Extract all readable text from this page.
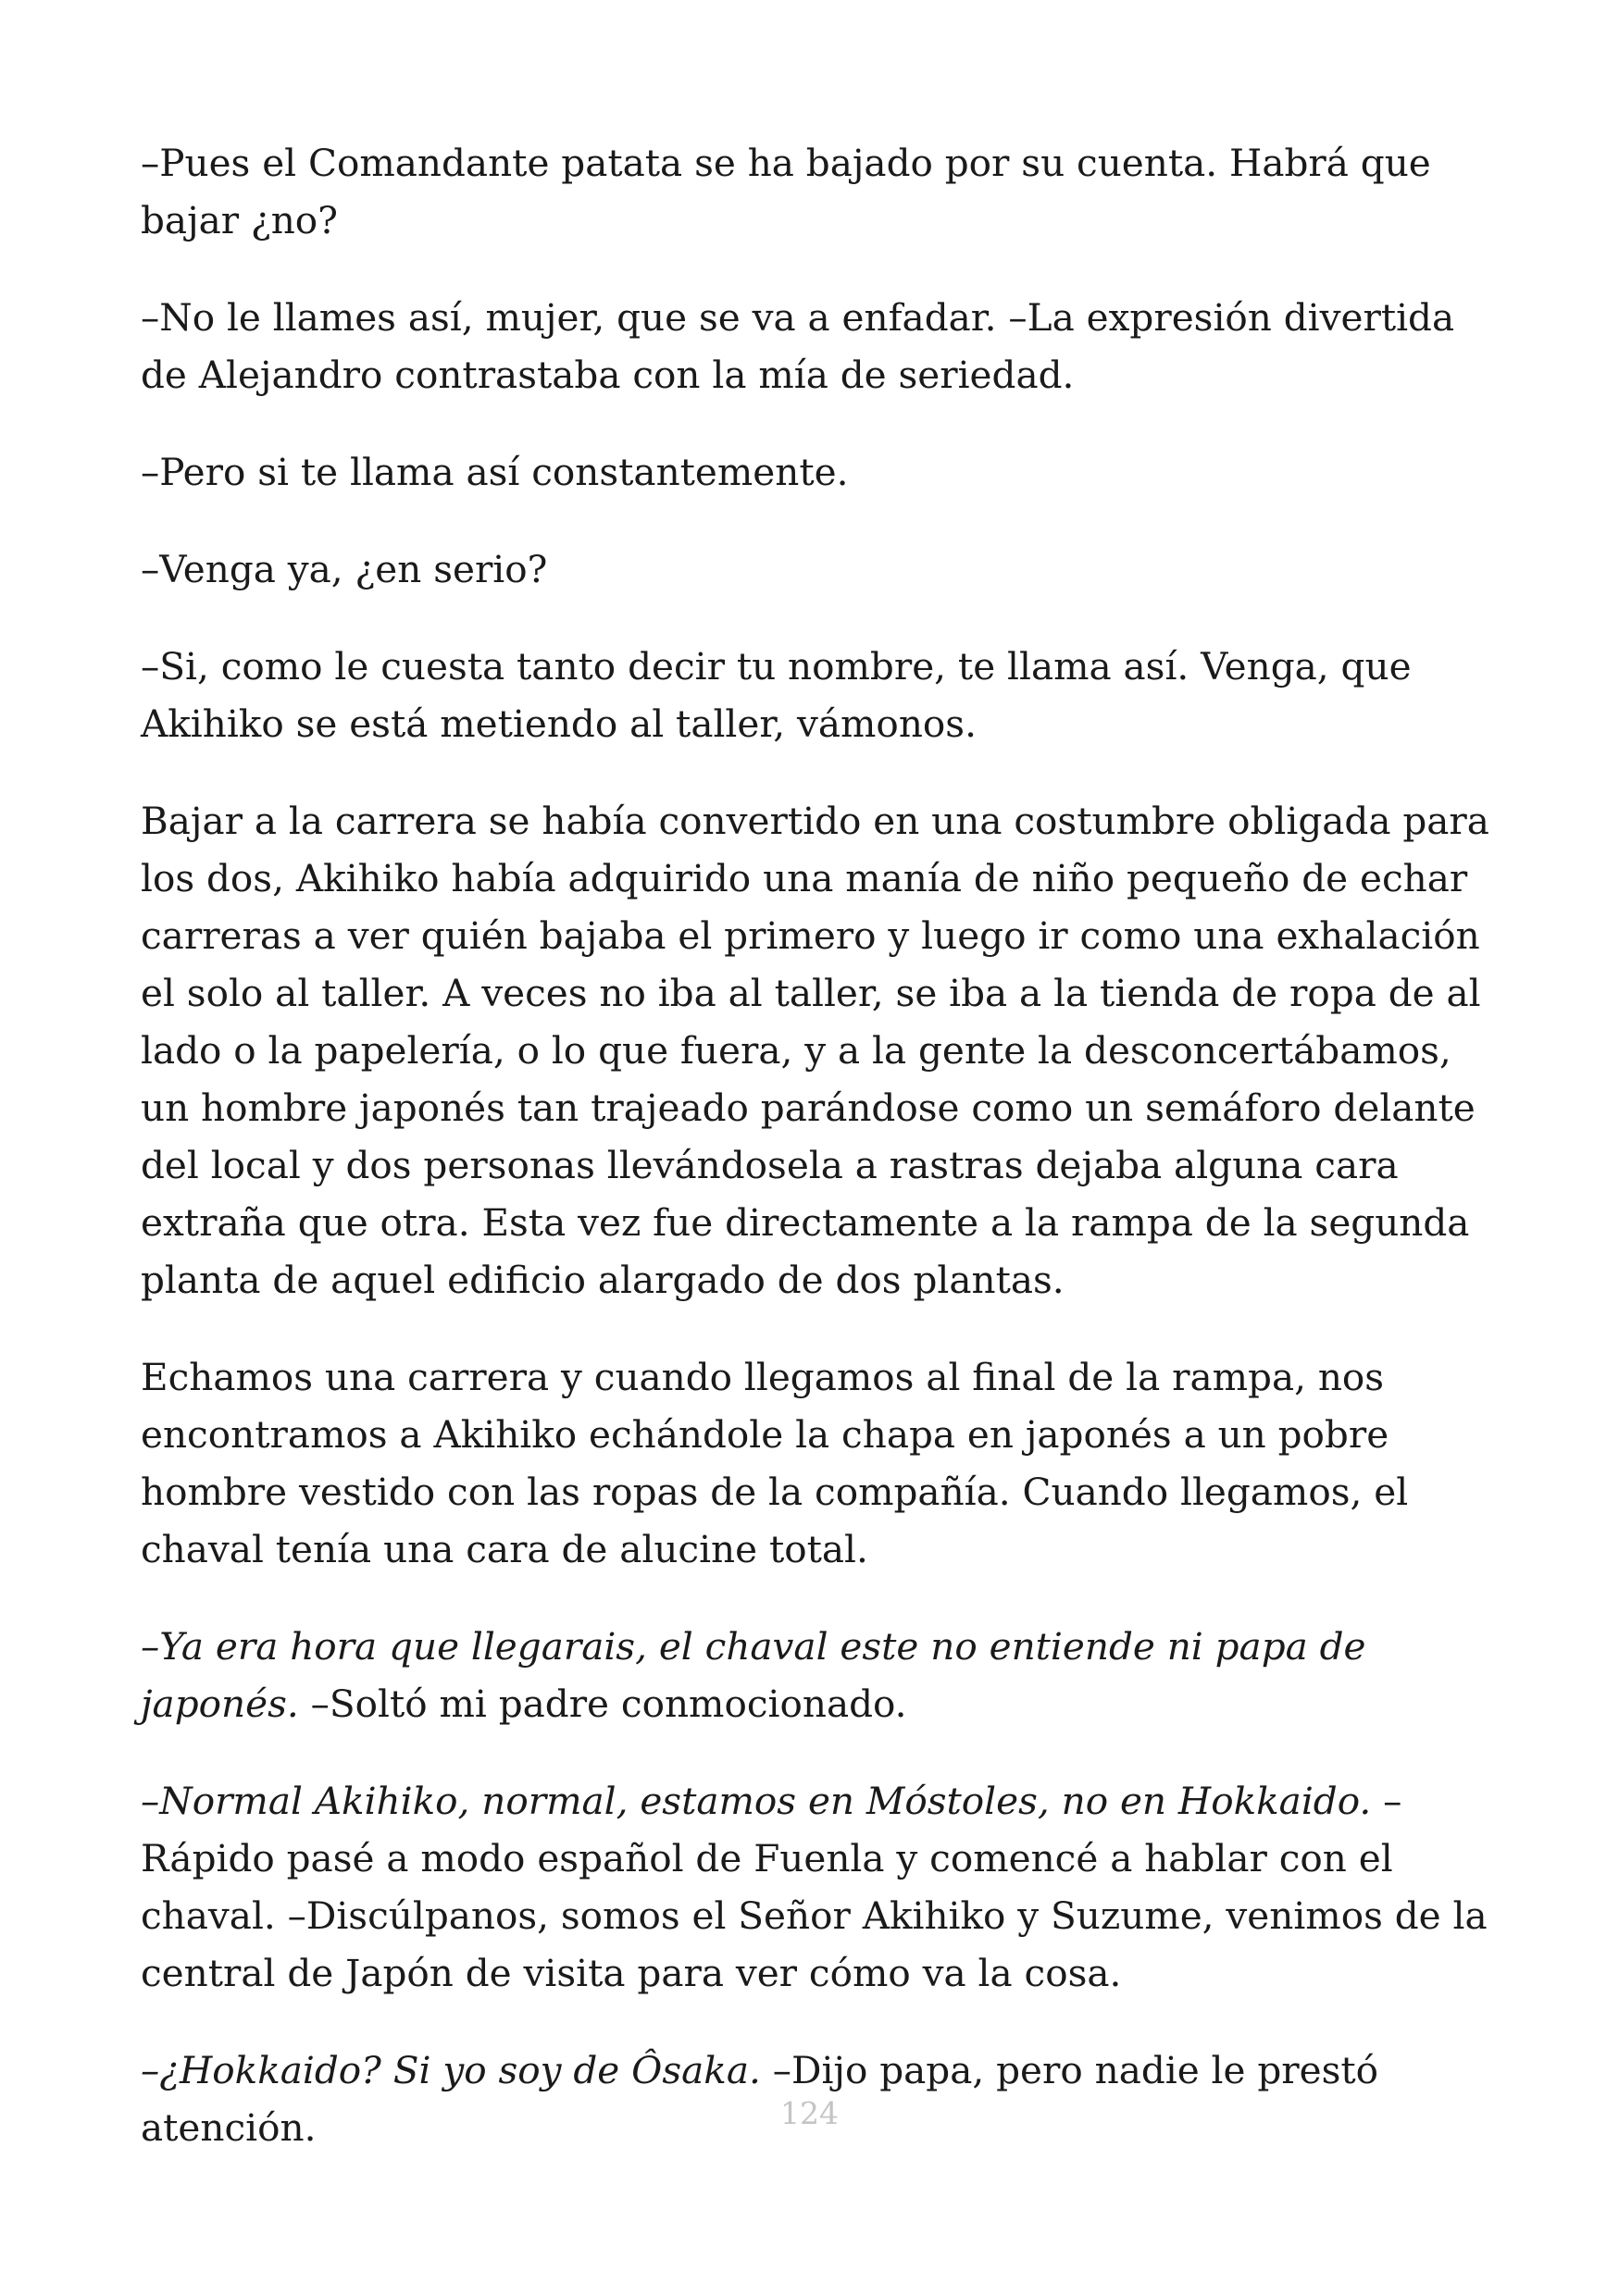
–Pues el Comandante patata se ha bajado por su cuenta. Habrá que bajar ¿no?

–No le llames así, mujer, que se va a enfadar. –La expresión divertida de Alejandro contrastaba con la mía de seriedad.

–Pero si te llama así constantemente.

–Venga ya, ¿en serio?

–Si, como le cuesta tanto decir tu nombre, te llama así. Venga, que Akihiko se está metiendo al taller, vámonos.

Bajar a la carrera se había convertido en una costumbre obligada para los dos, Akihiko había adquirido una manía de niño pequeño de echar carreras a ver quién bajaba el primero y luego ir como una exhalación el solo al taller. A veces no iba al taller, se iba a la tienda de ropa de al lado o la papelería, o lo que fuera, y a la gente la desconcertábamos, un hombre japonés tan trajeado parándose como un semáforo delante del local y dos personas llevándosela a rastras dejaba alguna cara extraña que otra. Esta vez fue directamente a la rampa de la segunda planta de aquel edificio alargado de dos plantas.

Echamos una carrera y cuando llegamos al final de la rampa, nos encontramos a Akihiko echándole la chapa en japonés a un pobre hombre vestido con las ropas de la compañía. Cuando llegamos, el chaval tenía una cara de alucine total.

–Ya era hora que llegarais, el chaval este no entiende ni papa de japonés. –Soltó mi padre conmocionado.

–Normal Akihiko, normal, estamos en Móstoles, no en Hokkaido. –Rápido pasé a modo español de Fuenla y comencé a hablar con el chaval. –Discúlpanos, somos el Señor Akihiko y Suzume, venimos de la central de Japón de visita para ver cómo va la cosa.

–¿Hokkaido? Si yo soy de Ôsaka. –Dijo papa, pero nadie le prestó atención.	124
